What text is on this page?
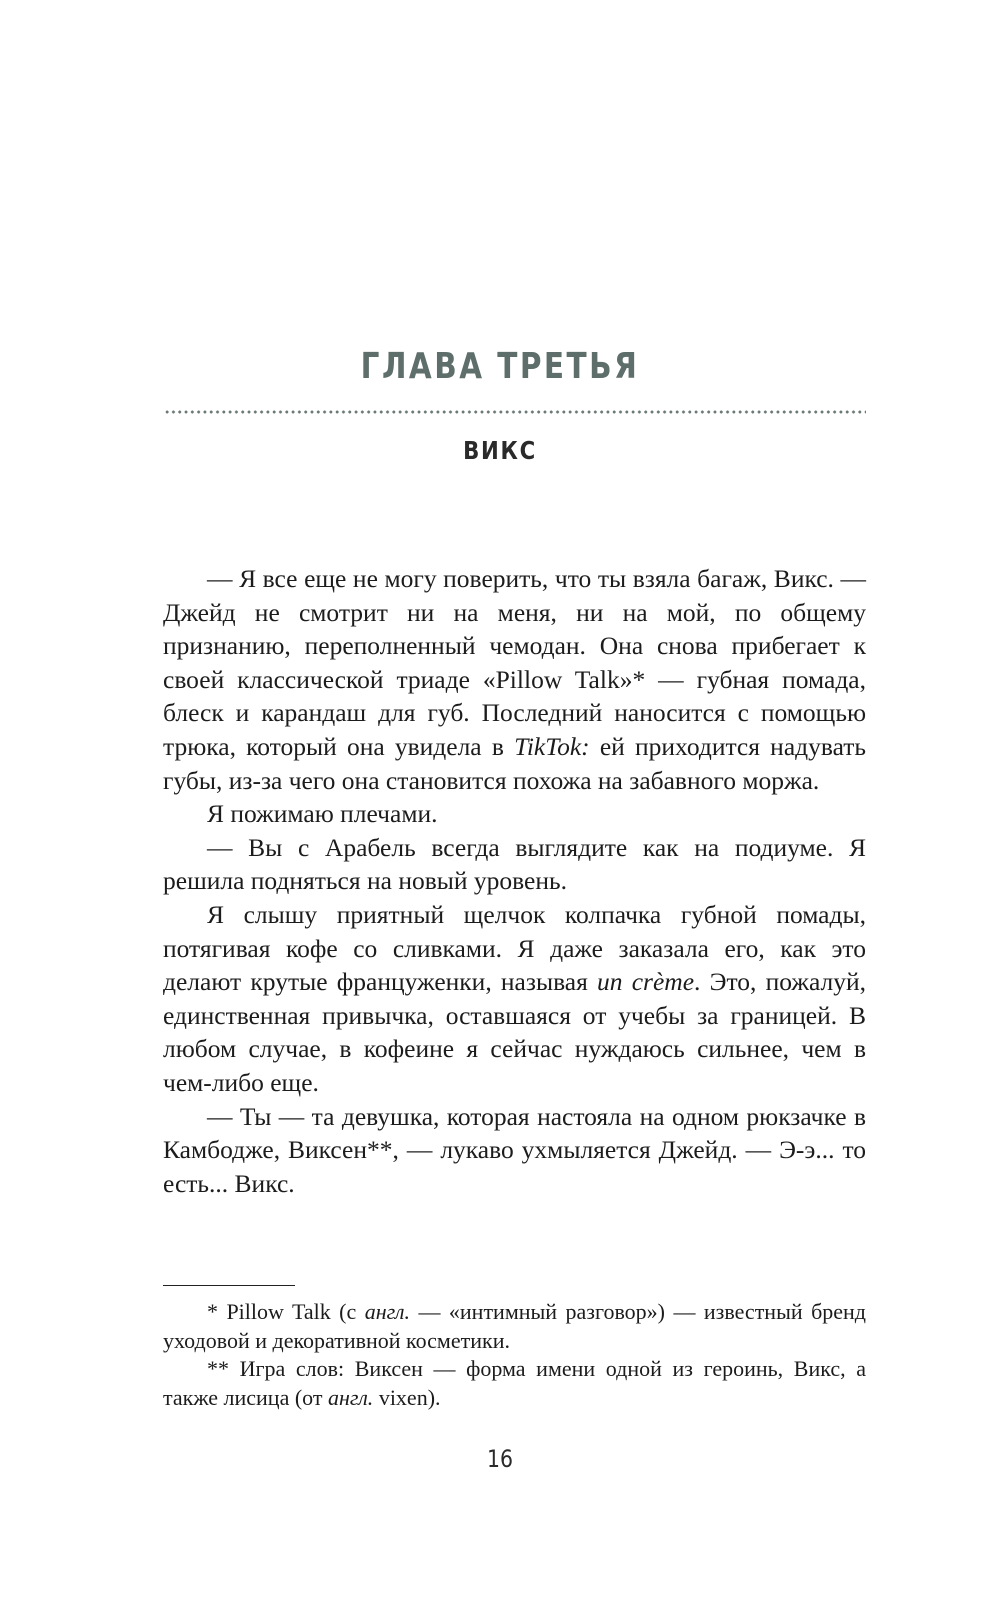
ГЛАВА ТРЕТЬЯ
ВИКС

— Я все еще не могу поверить, что ты взяла багаж, Викс. — Джейд не смотрит ни на меня, ни на мой, по общему признанию, переполненный чемодан. Она снова прибегает к своей классической триаде «Pillow Talk»* — губная помада, блеск и карандаш для губ. Последний наносится с помощью трюка, который она увидела в TikTok: ей приходится надувать губы, из-за чего она становится похожа на забавного моржа.

Я пожимаю плечами.

— Вы с Арабель всегда выглядите как на подиуме. Я решила подняться на новый уровень.

Я слышу приятный щелчок колпачка губной помады, потягивая кофе со сливками. Я даже заказала его, как это делают крутые француженки, называя un crème. Это, пожалуй, единственная привычка, оставшаяся от учебы за границей. В любом случае, в кофеине я сейчас нуждаюсь сильнее, чем в чем-либо еще.

— Ты — та девушка, которая настояла на одном рюкзачке в Камбодже, Виксен**, — лукаво ухмыляется Джейд. — Э-э... то есть... Викс.

* Pillow Talk (с англ. — «интимный разговор») — известный бренд уходовой и декоративной косметики.

** Игра слов: Виксен — форма имени одной из героинь, Викс, а также лисица (от англ. vixen).

16
